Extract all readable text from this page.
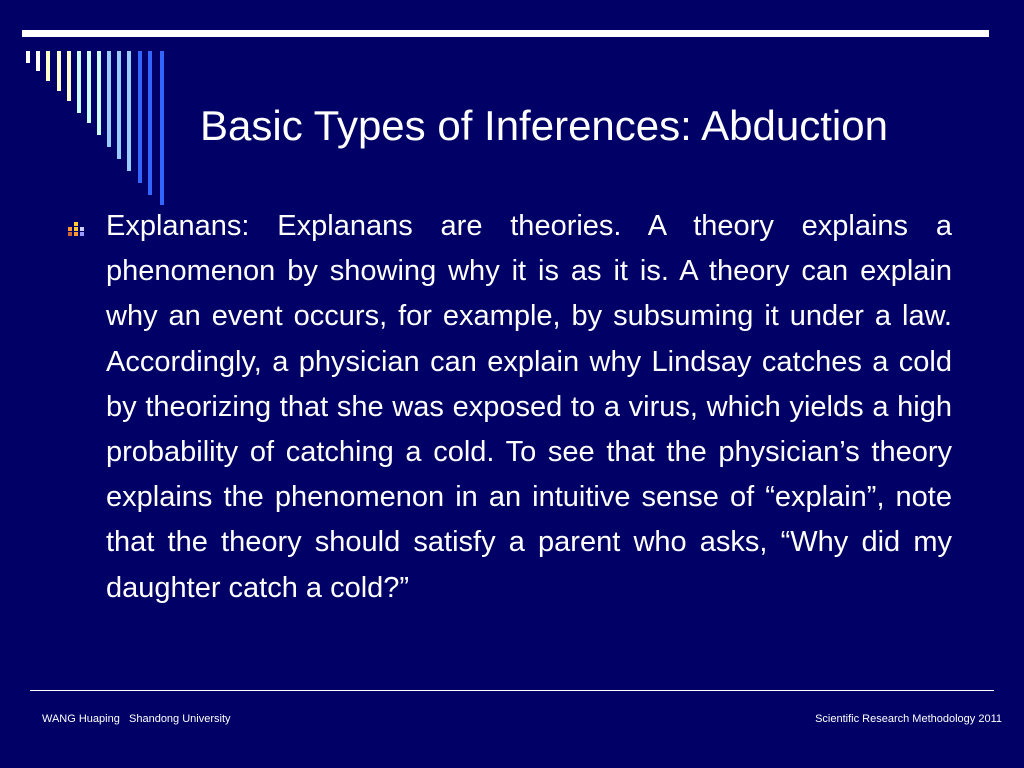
Basic Types of Inferences: Abduction

Explanans: Explanans are theories. A theory explains a phenomenon by showing why it is as it is. A theory can explain why an event occurs, for example, by subsuming it under a law. Accordingly, a physician can explain why Lindsay catches a cold by theorizing that she was exposed to a virus, which yields a high probability of catching a cold. To see that the physician’s theory explains the phenomenon in an intuitive sense of “explain”, note that the theory should satisfy a parent who asks, “Why did my daughter catch a cold?”

WANG Huaping   Shandong University	Scientific Research Methodology 2011
